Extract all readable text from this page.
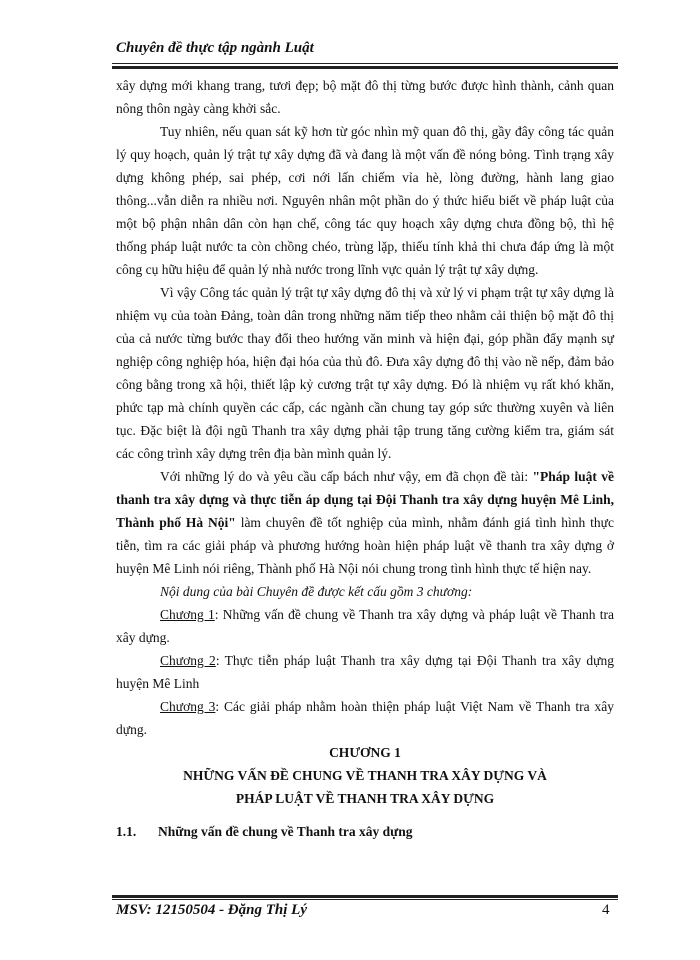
Chuyên đề thực tập ngành Luật

xây dựng mới khang trang, tươi đẹp; bộ mặt đô thị từng bước được hình thành, cảnh quan nông thôn ngày càng khởi sắc.

Tuy nhiên, nếu quan sát kỹ hơn từ góc nhìn mỹ quan đô thị, gầy đây công tác quản lý quy hoạch, quản lý trật tự xây dựng đã và đang là một vấn đề nóng bỏng. Tình trạng xây dựng không phép, sai phép, cơi nới lấn chiếm vỉa hè, lòng đường, hành lang giao thông...vẫn diễn ra nhiều nơi. Nguyên nhân một phần do ý thức hiểu biết về pháp luật của một bộ phận nhân dân còn hạn chế, công tác quy hoạch xây dựng chưa đồng bộ, thì hệ thống pháp luật nước ta còn chồng chéo, trùng lặp, thiếu tính khả thi chưa đáp ứng là một công cụ hữu hiệu để quản lý nhà nước trong lĩnh vực quản lý trật tự xây dựng.

Vì vậy Công tác quản lý trật tự xây dựng đô thị và xử lý vi phạm trật tự xây dựng là nhiệm vụ của toàn Đảng, toàn dân trong những năm tiếp theo nhằm cải thiện bộ mặt đô thị của cả nước từng bước thay đổi theo hướng văn minh và hiện đại, góp phần đẩy mạnh sự nghiệp công nghiệp hóa, hiện đại hóa của thủ đô. Đưa xây dựng đô thị vào nề nếp, đảm bảo công bằng trong xã hội, thiết lập kỷ cương trật tự xây dựng. Đó là nhiệm vụ rất khó khăn, phức tạp mà chính quyền các cấp, các ngành cần chung tay góp sức thường xuyên và liên tục. Đặc biệt là đội ngũ Thanh tra xây dựng phải tập trung tăng cường kiểm tra, giám sát các công trình xây dựng trên địa bàn mình quản lý.

Với những lý do và yêu cầu cấp bách như vậy, em đã chọn đề tài: "Pháp luật về thanh tra xây dựng và thực tiễn áp dụng tại Đội Thanh tra xây dựng huyện Mê Linh, Thành phố Hà Nội" làm chuyên đề tốt nghiệp của mình, nhằm đánh giá tình hình thực tiễn, tìm ra các giải pháp và phương hướng hoàn hiện pháp luật về thanh tra xây dựng ở huyện Mê Linh nói riêng, Thành phố Hà Nội nói chung trong tình hình thực tế hiện nay.

Nội dung của bài Chuyên đề được kết cấu gồm 3 chương:

Chương 1: Những vấn đề chung về Thanh tra xây dựng và pháp luật về Thanh tra xây dựng.

Chương 2: Thực tiễn pháp luật Thanh tra xây dựng tại Đội Thanh tra xây dựng huyện Mê Linh

Chương 3: Các giải pháp nhằm hoàn thiện pháp luật Việt Nam về Thanh tra xây dựng.

CHƯƠNG 1
NHỮNG VẤN ĐỀ CHUNG VỀ THANH TRA XÂY DỰNG VÀ
PHÁP LUẬT VỀ THANH TRA XÂY DỰNG
1.1. Những vấn đề chung về Thanh tra xây dựng
MSV: 12150504 - Đặng Thị Lý	4
